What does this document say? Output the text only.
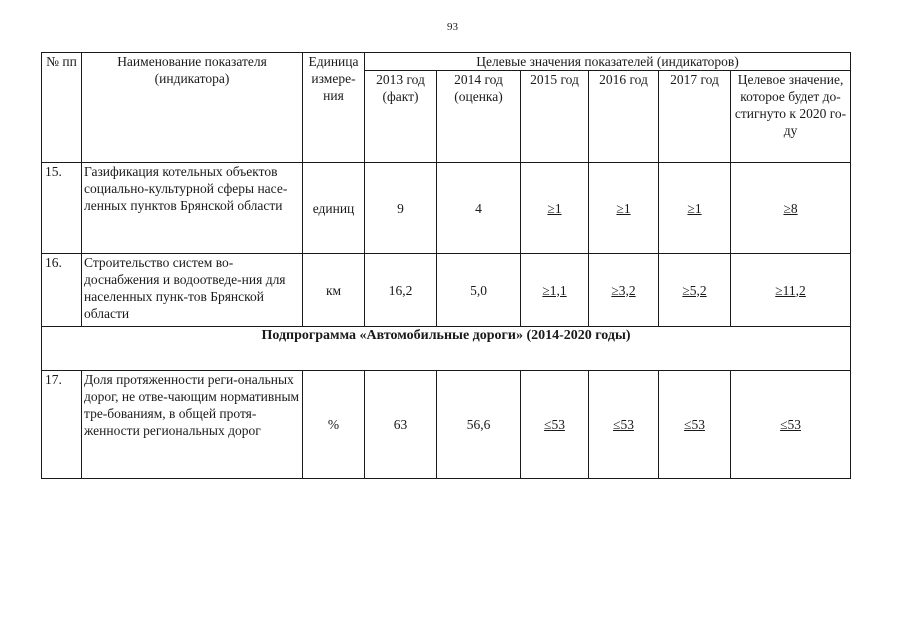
93
№ пп	Наименование показателя (индикатора)	Единица измере-ния	Целевые значения показателей (индикаторов)					
			2013 год (факт)	2014 год (оценка)	2015 год	2016 год	2017 год	Целевое значение, которое будет до-стигнуто к 2020 го-ду
15.	Газификация котельных объектов социально-культурной сферы насе-ленных пунктов Брянской области	единиц	9	4	≥1	≥1	≥1	≥8
16.	Строительство систем во-доснабжения и водоотведе-ния для населенных пунк-тов Брянской области	км	16,2	5,0	≥1,1	≥3,2	≥5,2	≥11,2
Подпрограмма «Автомобильные дороги» (2014-2020 годы)								
17.	Доля протяженности реги-ональных дорог, не отве-чающим нормативным тре-бованиям, в общей протя-женности региональных дорог	%	63	56,6	≤53	≤53	≤53	≤53
